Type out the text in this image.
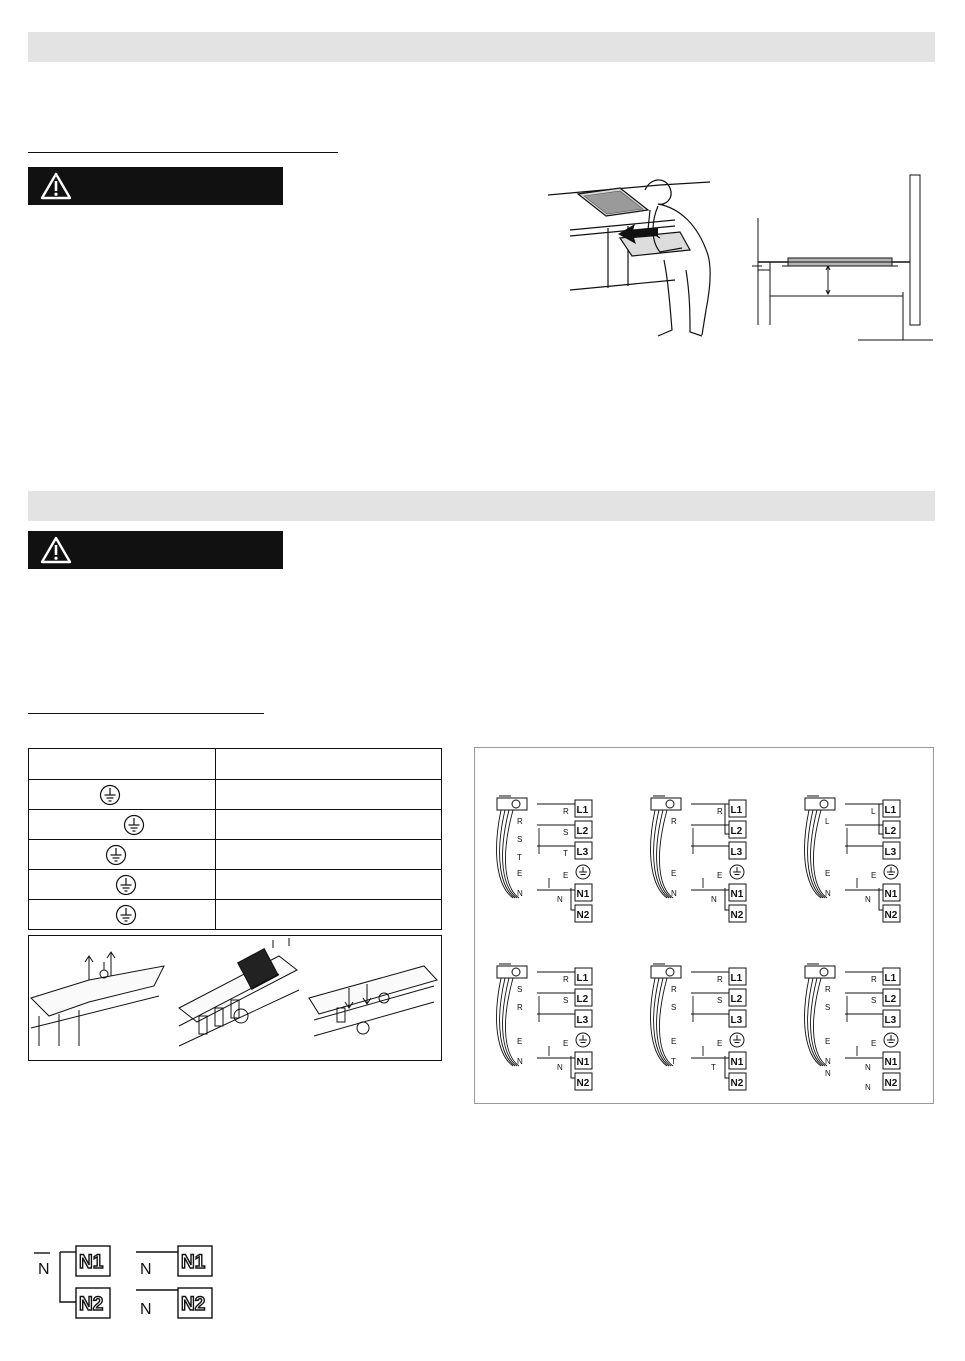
L1
L2
L3
N1
N2
R
S
T
R
S
T
E	E
N
N
L1
L2
L3
N1
N2
R
R
E	E
N
N
L1
L2
L3
N1
N2
L
L
E	E
N
N
L1
L2
L3
N1
N2
S
R
R
S
E	E
N
N
L1
L2
L3
N1
N2
R
S
R
S
E	E
T
T
L1
L2
L3
N1
N2
R
S
R
S
E	E
N
N
N
N
N N1
N2
N
N
N1
N2
